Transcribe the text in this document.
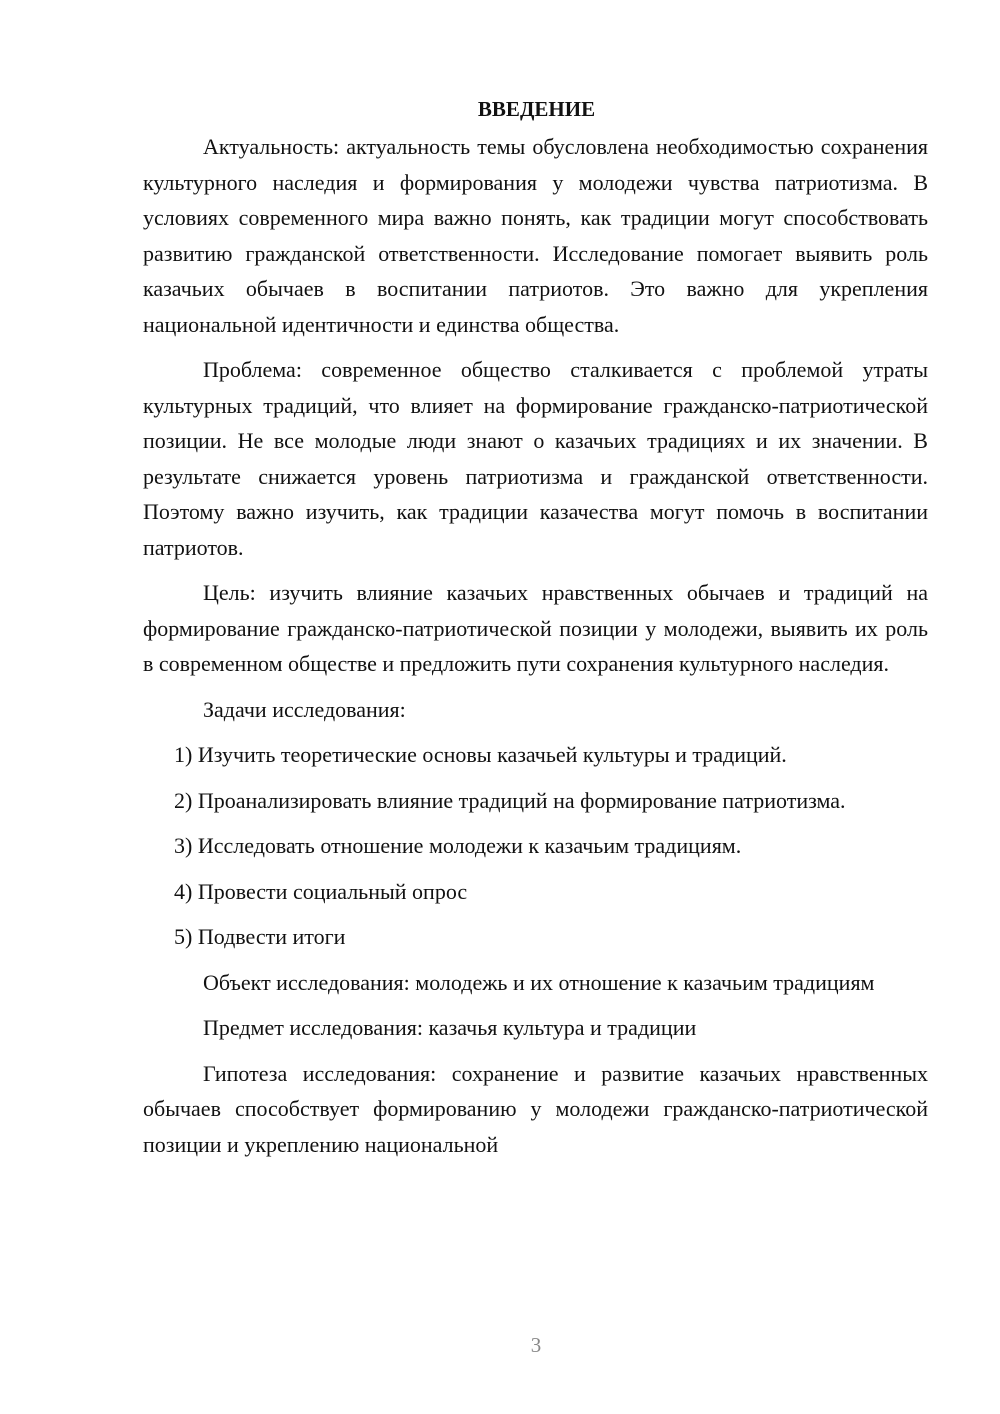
ВВЕДЕНИЕ

Актуальность: актуальность темы обусловлена необходимостью сохранения культурного наследия и формирования у молодежи чувства патриотизма. В условиях современного мира важно понять, как традиции могут способствовать развитию гражданской ответственности. Исследование помогает выявить роль казачьих обычаев в воспитании патриотов. Это важно для укрепления национальной идентичности и единства общества.

Проблема: современное общество сталкивается с проблемой утраты культурных традиций, что влияет на формирование гражданско-патриотической позиции. Не все молодые люди знают о казачьих традициях и их значении. В результате снижается уровень патриотизма и гражданской ответственности. Поэтому важно изучить, как традиции казачества могут помочь в воспитании патриотов.

Цель: изучить влияние казачьих нравственных обычаев и традиций на формирование гражданско-патриотической позиции у молодежи, выявить их роль в современном обществе и предложить пути сохранения культурного наследия.

Задачи исследования:

1) Изучить теоретические основы казачьей культуры и традиций.

2) Проанализировать влияние традиций на формирование патриотизма.

3) Исследовать отношение молодежи к казачьим традициям.

4) Провести социальный опрос

5) Подвести итоги

Объект исследования: молодежь и их отношение к казачьим традициям

Предмет исследования: казачья культура и традиции

Гипотеза исследования: сохранение и развитие казачьих нравственных обычаев способствует формированию у молодежи гражданско-патриотической позиции и укреплению национальной

3
